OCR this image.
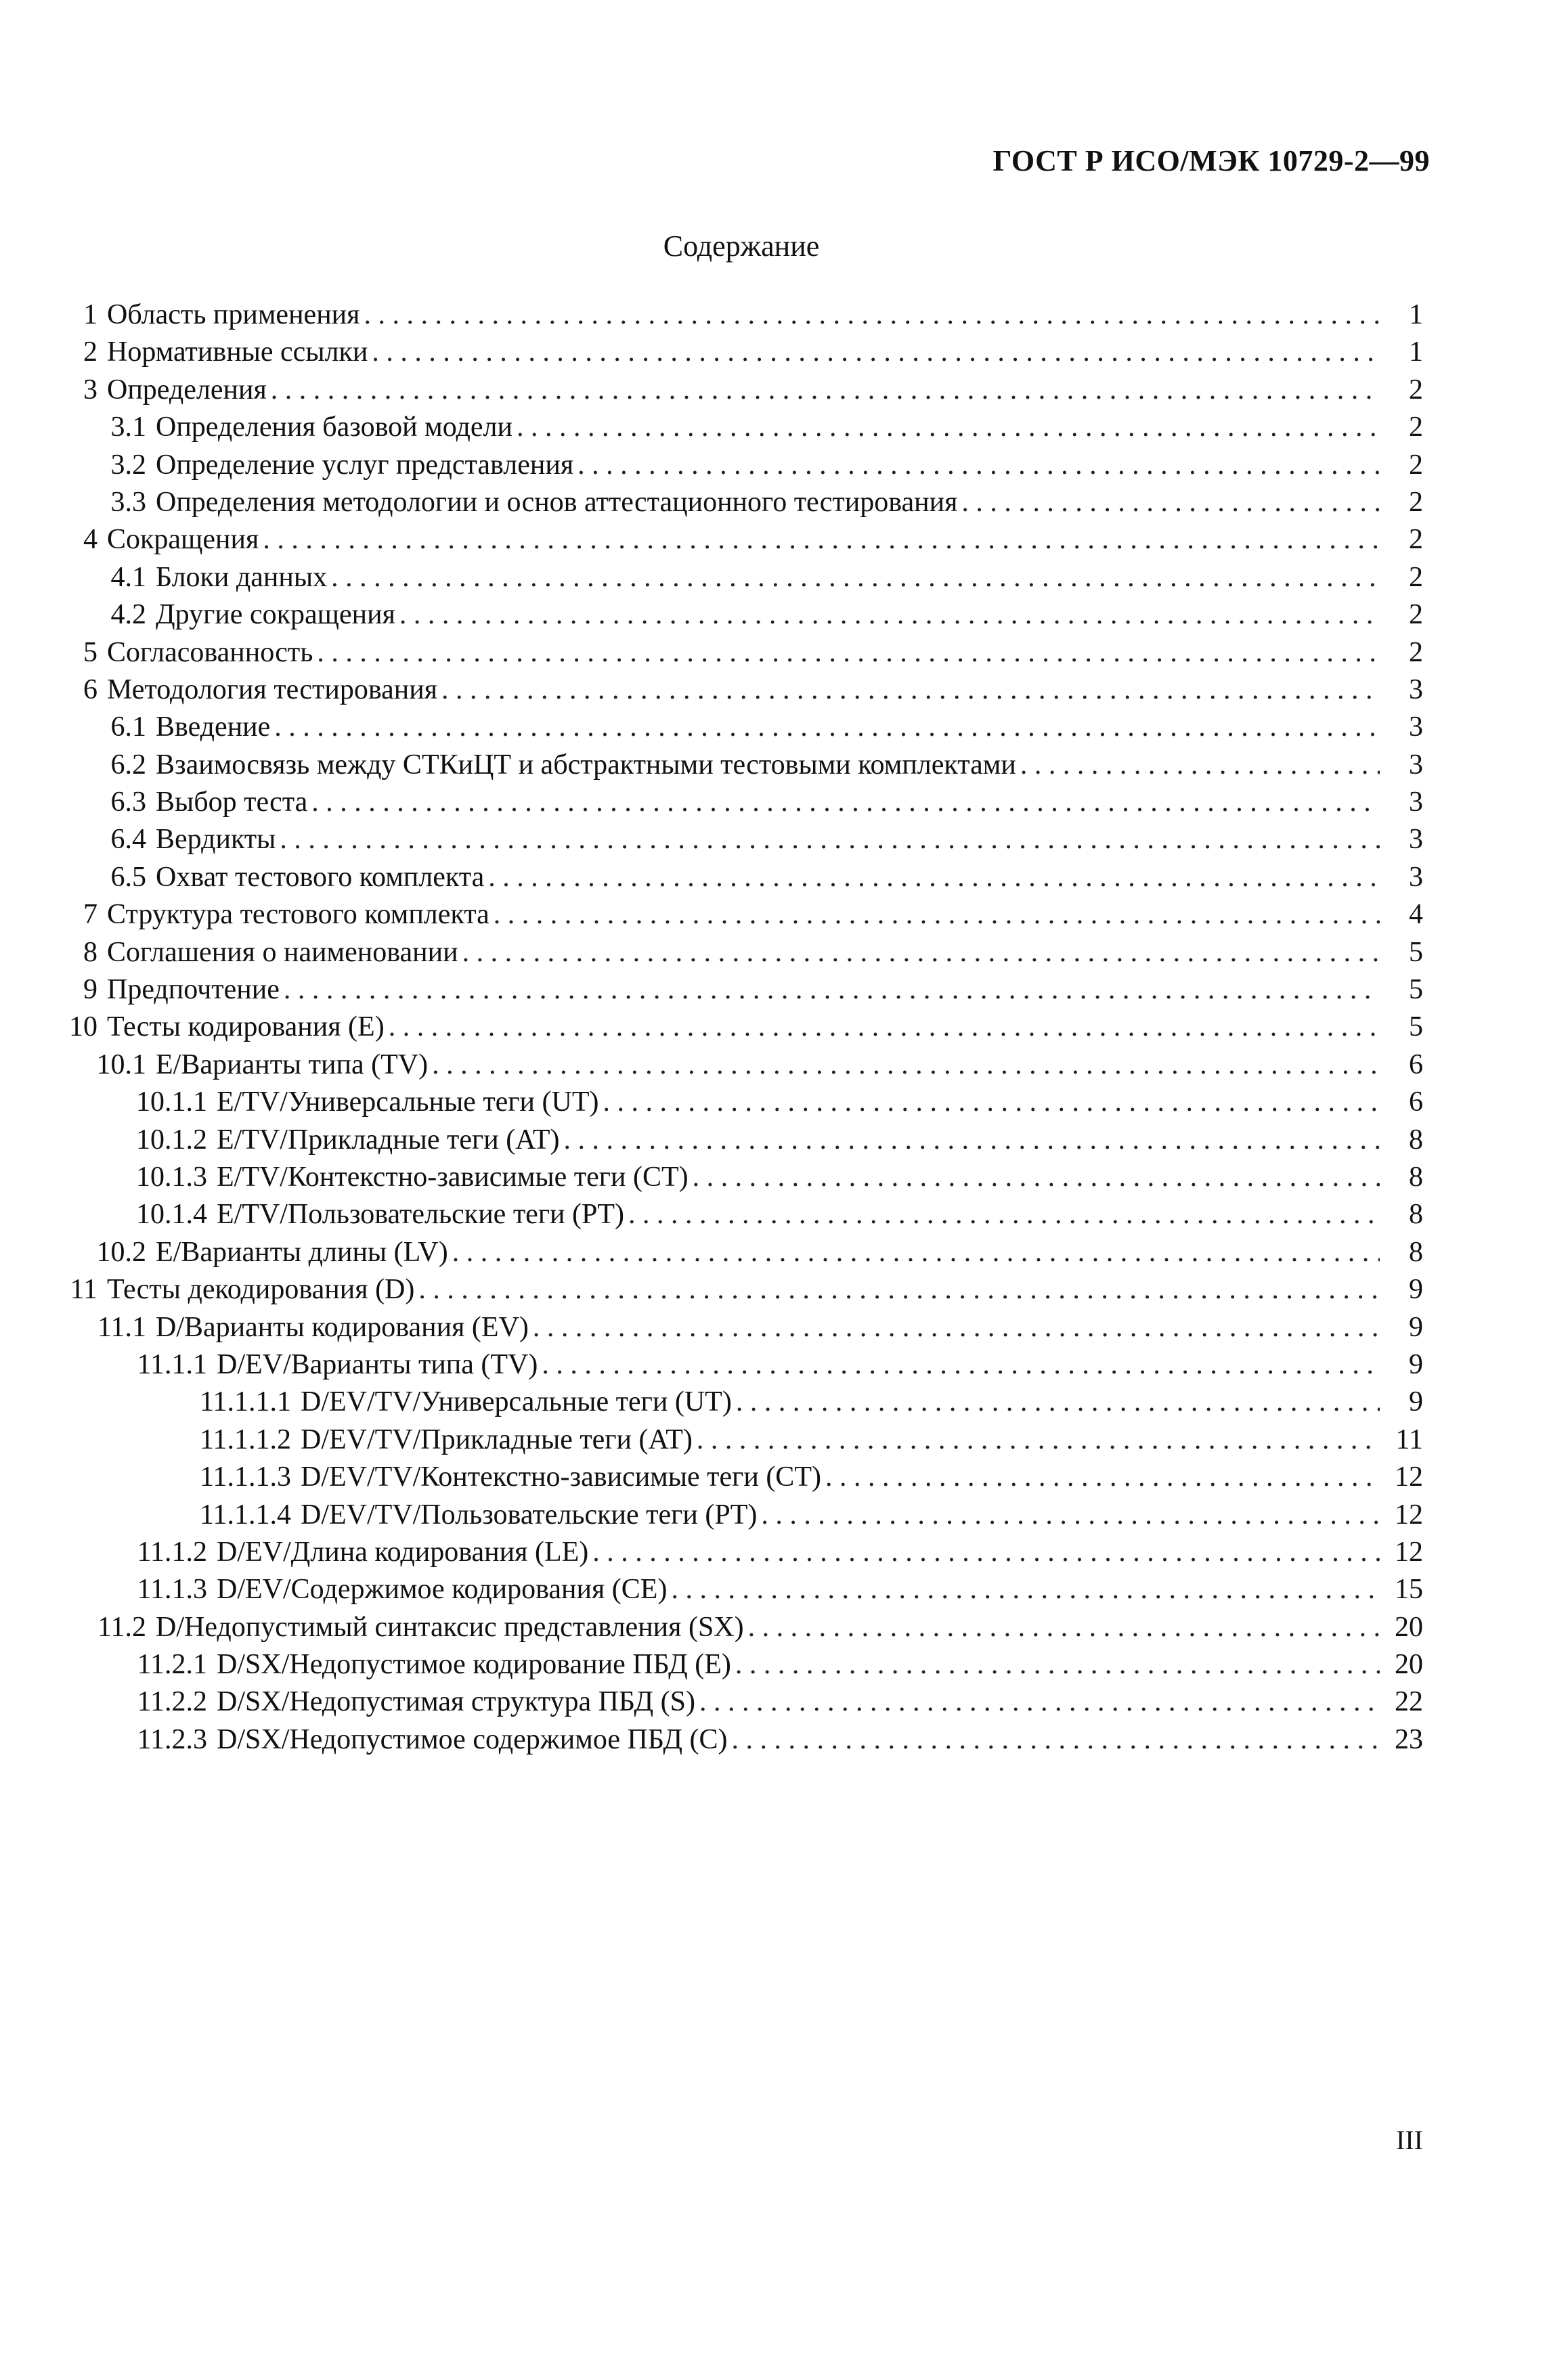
ГОСТ Р ИСО/МЭК 10729-2—99
Содержание
1 Область применения . . .	1
2 Нормативные ссылки . . .	1
3 Определения . . .	2
3.1 Определения базовой модели . . .	2
3.2 Определение услуг представления . . .	2
3.3 Определения методологии и основ аттестационного тестирования . . .	2
4 Сокращения . . .	2
4.1 Блоки данных . . .	2
4.2 Другие сокращения . . .	2
5 Согласованность . . .	2
6 Методология тестирования . . .	3
6.1 Введение . . .	3
6.2 Взаимосвязь между СТКиЦТ и абстрактными тестовыми комплектами . . .	3
6.3 Выбор теста . . .	3
6.4 Вердикты . . .	3
6.5 Охват тестового комплекта . . .	3
7 Структура тестового комплекта . . .	4
8 Соглашения о наименовании . . .	5
9 Предпочтение . . .	5
10 Тесты кодирования (E) . . .	5
10.1 E/Варианты типа (TV) . . .	6
10.1.1 E/TV/Универсальные теги (UT) . . .	6
10.1.2 E/TV/Прикладные теги (AT) . . .	8
10.1.3 E/TV/Контекстно-зависимые теги (CT) . . .	8
10.1.4 E/TV/Пользовательские теги (PT) . . .	8
10.2 E/Варианты длины (LV) . . .	8
11 Тесты декодирования (D) . . .	9
11.1 D/Варианты кодирования (EV) . . .	9
11.1.1 D/EV/Варианты типа (TV) . . .	9
11.1.1.1 D/EV/TV/Универсальные теги (UT) . . .	9
11.1.1.2 D/EV/TV/Прикладные теги (AT) . . .	11
11.1.1.3 D/EV/TV/Контекстно-зависимые теги (CT) . . .	12
11.1.1.4 D/EV/TV/Пользовательские теги (PT) . . .	12
11.1.2 D/EV/Длина кодирования (LE) . . .	12
11.1.3 D/EV/Содержимое кодирования (CE) . . .	15
11.2 D/Недопустимый синтаксис представления (SX) . . .	20
11.2.1 D/SX/Недопустимое кодирование ПБД (E) . . .	20
11.2.2 D/SX/Недопустимая структура ПБД (S) . . .	22
11.2.3 D/SX/Недопустимое содержимое ПБД (C) . . .	23
III
